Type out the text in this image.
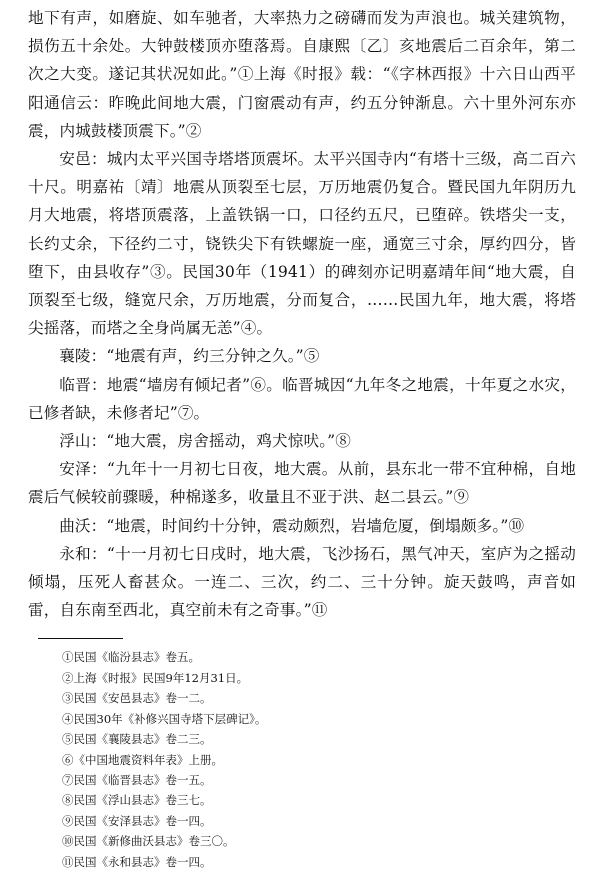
地下有声，如磨旋、如车驰者，大率热力之磅礴而发为声浪也。城关建筑物，损伤五十余处。大钟鼓楼顶亦堕落焉。自康熙〔乙〕亥地震后二百余年，第二次之大变。遂记其状况如此。”①上海《时报》载：“《字林西报》十六日山西平阳通信云：昨晚此间地大震，门窗震动有声，约五分钟渐息。六十里外河东亦震，内城鼓楼顶震下。”②

安邑：城内太平兴国寺塔塔顶震坏。太平兴国寺内“有塔十三级，高二百六十尺。明嘉祐〔靖〕地震从顶裂至七层，万历地震仍复合。暨民国九年阴历九月大地震，将塔顶震落，上盖铁锅一口，口径约五尺，已堕碎。铁塔尖一支，长约丈余，下径约二寸，铙铁尖下有铁螺旋一座，通宽三寸余，厚约四分，皆堕下，由县收存”③。民国30年（1941）的碑刻亦记明嘉靖年间“地大震，自顶裂至七级，缝宽尺余，万历地震，分而复合，……民国九年，地大震，将塔尖摇落，而塔之全身尚属无恙”④。

襄陵：“地震有声，约三分钟之久。”⑤

临晋：地震“墙房有倾圮者”⑥。临晋城因“九年冬之地震，十年夏之水灾，已修者缺，未修者圮”⑦。

浮山：“地大震，房舍摇动，鸡犬惊吠。”⑧

安泽：“九年十一月初七日夜，地大震。从前，县东北一带不宜种棉，自地震后气候较前骤暖，种棉遂多，收量且不亚于洪、赵二县云。”⑨

曲沃：“地震，时间约十分钟，震动颇烈，岩墙危厦，倒塌颇多。”⑩

永和：“十一月初七日戌时，地大震，飞沙扬石，黑气冲天，室庐为之摇动倾塌，压死人畜甚众。一连二、三次，约二、三十分钟。旋天鼓鸣，声音如雷，自东南至西北，真空前未有之奇事。”⑪

①民国《临汾县志》卷五。
②上海《时报》民国9年12月31日。
③民国《安邑县志》卷一二。
④民国30年《补修兴国寺塔下层碑记》。
⑤民国《襄陵县志》卷二三。
⑥《中国地震资料年表》上册。
⑦民国《临晋县志》卷一五。
⑧民国《浮山县志》卷三七。
⑨民国《安泽县志》卷一四。
⑩民国《新修曲沃县志》卷三〇。
⑪民国《永和县志》卷一四。
